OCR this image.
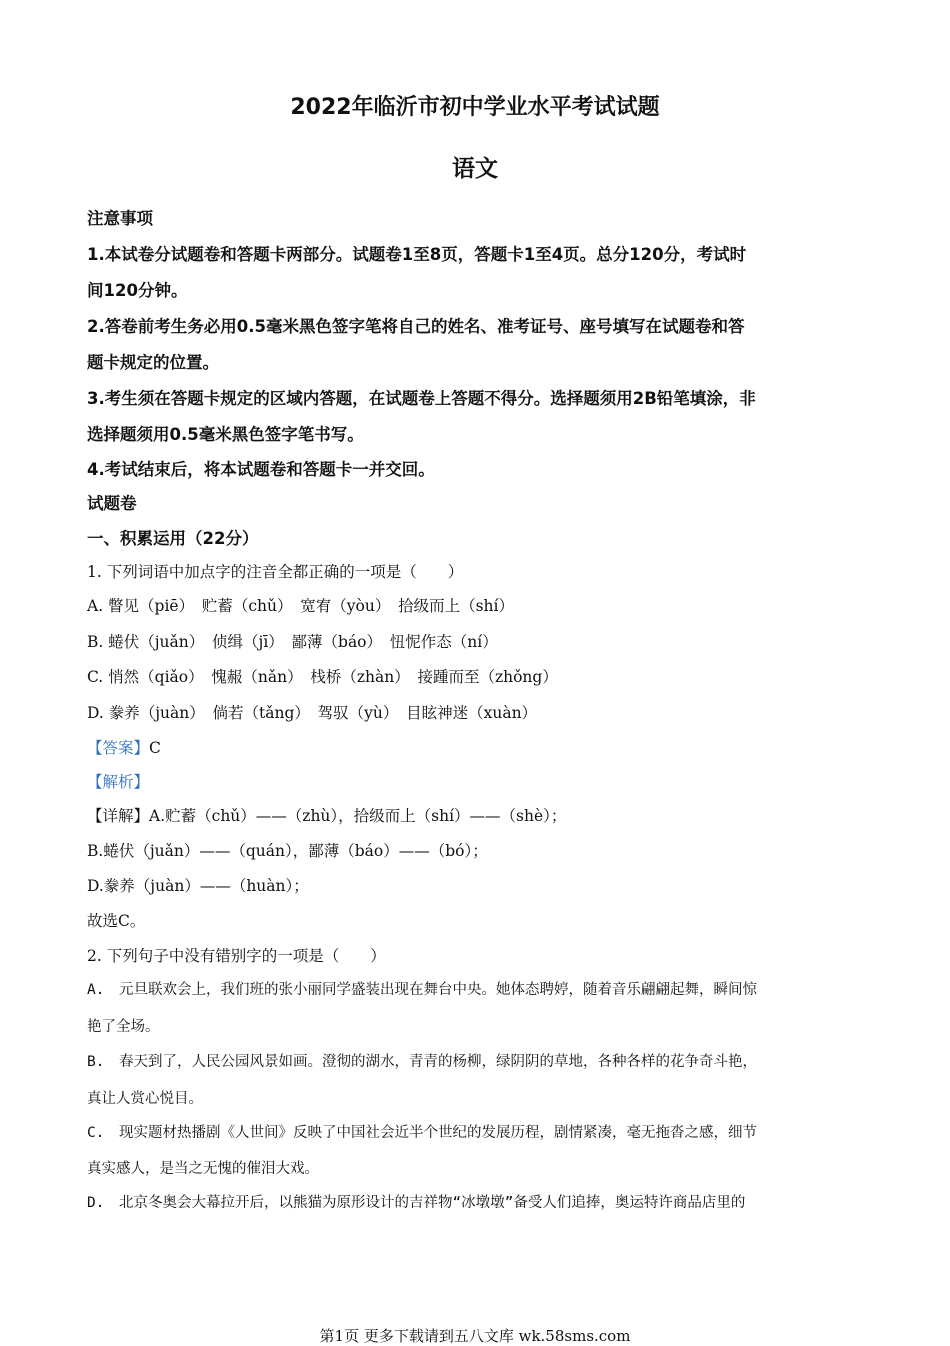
2022年临沂市初中学业水平考试试题
语文
注意事项
1.本试卷分试题卷和答题卡两部分。试题卷1至8页，答题卡1至4页。总分120分，考试时
间120分钟。
2.答卷前考生务必用0.5毫米黑色签字笔将自己的姓名、准考证号、座号填写在试题卷和答
题卡规定的位置。
3.考生须在答题卡规定的区域内答题，在试题卷上答题不得分。选择题须用2B铅笔填涂，非
选择题须用0.5毫米黑色签字笔书写。
4.考试结束后，将本试题卷和答题卡一并交回。
试题卷
一、积累运用（22分）
1. 下列词语中加点字的注音全都正确的一项是（　　）
A. 瞥见（piē）　贮蓄（chǔ）　宽宥（yòu）　拾级而上（shí）
B. 蜷伏（juǎn）　侦缉（jī）　鄙薄（báo）　忸怩作态（ní）
C. 悄然（qiǎo）　愧赧（nǎn）　栈桥（zhàn）　接踵而至（zhǒng）
D. 豢养（juàn）　倘若（tǎng）　驾驭（yù）　目眩神迷（xuàn）
【答案】C
【解析】
【详解】A.贮蓄（chǔ）——（zhù），拾级而上（shí）——（shè）；
B.蜷伏（juǎn）——（quán），鄙薄（báo）——（bó）；
D.豢养（juàn）——（huàn）；
故选C。
2. 下列句子中没有错别字的一项是（　　）
A.　元旦联欢会上，我们班的张小丽同学盛装出现在舞台中央。她体态聘婷，随着音乐翩翩起舞，瞬间惊
艳了全场。
B.　春天到了，人民公园风景如画。澄彻的湖水，青青的杨柳，绿阴阴的草地，各种各样的花争奇斗艳，
真让人赏心悦目。
C.　现实题材热播剧《人世间》反映了中国社会近半个世纪的发展历程，剧情紧凑，毫无拖沓之感，细节
真实感人，是当之无愧的催泪大戏。
D.　北京冬奥会大幕拉开后，以熊猫为原形设计的吉祥物“冰墩墩”备受人们追捧，奥运特许商品店里的
第1页 更多下载请到五八文库 wk.58sms.com
